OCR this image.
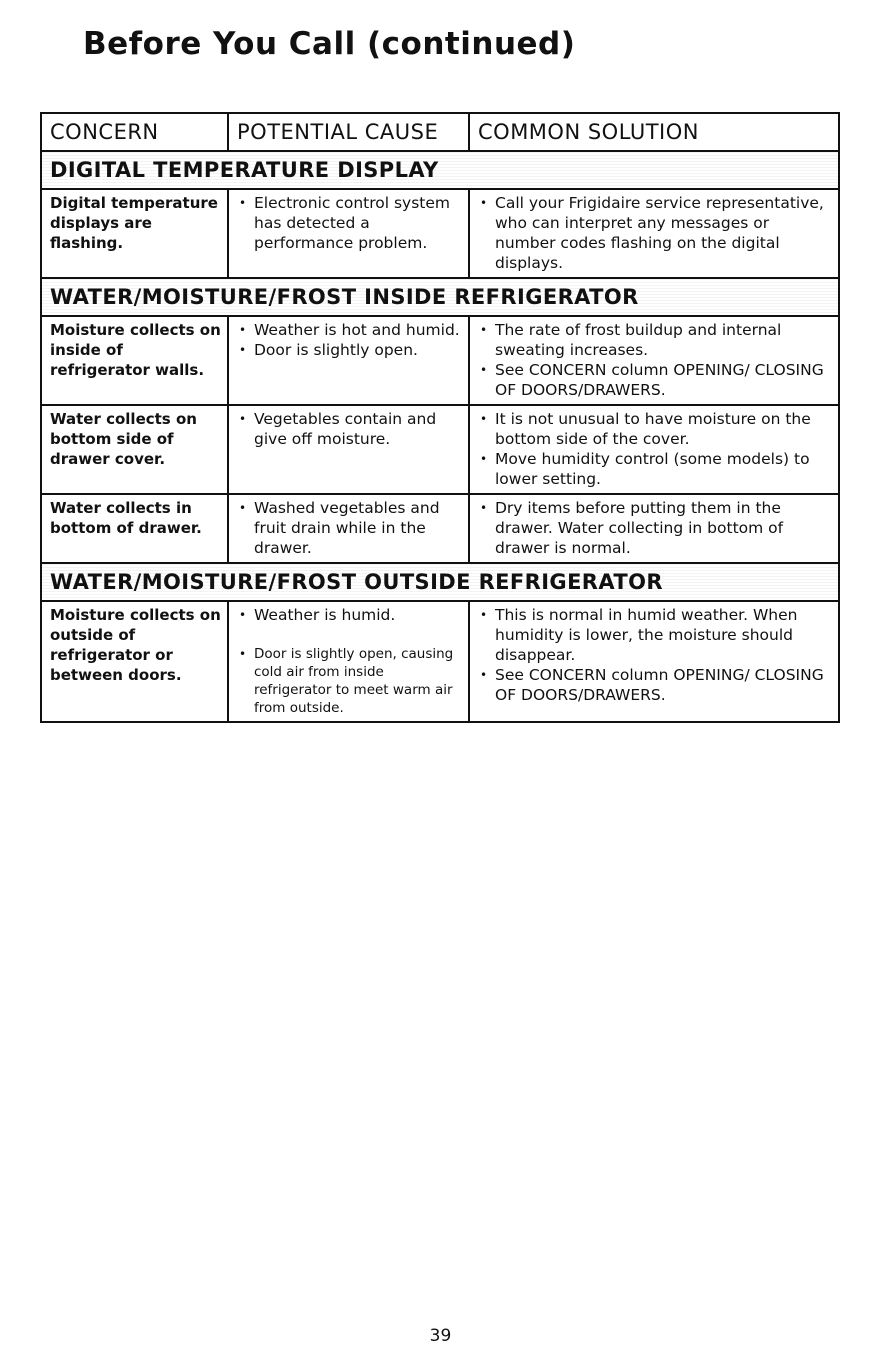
Before You Call (continued)
CONCERN	POTENTIAL CAUSE	COMMON SOLUTION
DIGITAL TEMPERATURE DISPLAY
Digital temperature displays are flashing.
• Electronic control system has detected a performance problem.
• Call your Frigidaire service representative, who can interpret any messages or number codes flashing on the digital displays.
WATER/MOISTURE/FROST INSIDE REFRIGERATOR
Moisture collects on inside of refrigerator walls.
• Weather is hot and humid.
• Door is slightly open.
• The rate of frost buildup and internal sweating increases.
• See CONCERN column OPENING/ CLOSING OF DOORS/DRAWERS.
Water collects on bottom side of drawer cover.
• Vegetables contain and give off moisture.
• It is not unusual to have moisture on the bottom side of the cover.
• Move humidity control (some models) to lower setting.
Water collects in bottom of drawer.
• Washed vegetables and fruit drain while in the drawer.
• Dry items before putting them in the drawer. Water collecting in bottom of drawer is normal.
WATER/MOISTURE/FROST OUTSIDE REFRIGERATOR
Moisture collects on outside of refrigerator or between doors.
• Weather is humid.
• Door is slightly open, causing cold air from inside refrigerator to meet warm air from outside.
• This is normal in humid weather. When humidity is lower, the moisture should disappear.
• See CONCERN column OPENING/ CLOSING OF DOORS/DRAWERS.
39
